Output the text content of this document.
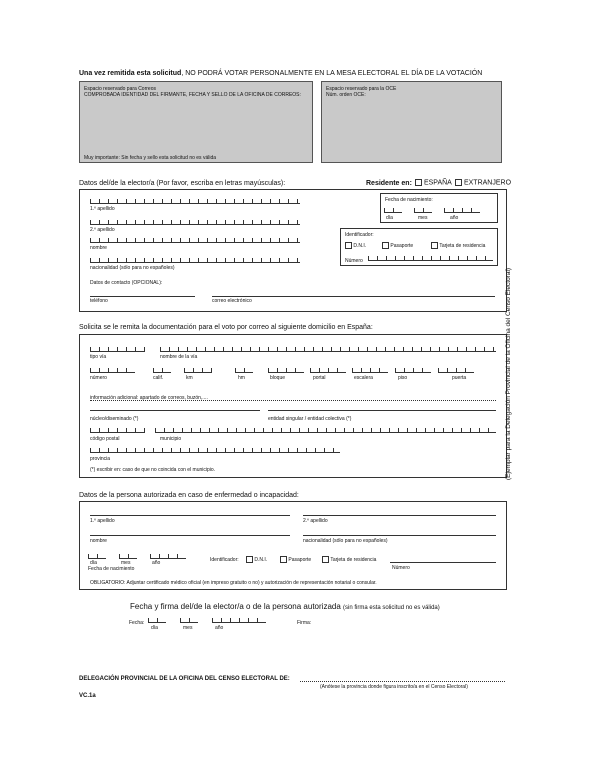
Una vez remitida esta solicitud, NO PODRÁ VOTAR PERSONALMENTE EN LA MESA ELECTORAL EL DÍA DE LA VOTACIÓN
Espacio reservado para Correos
COMPROBADA IDENTIDAD DEL FIRMANTE, FECHA Y SELLO DE LA OFICINA DE CORREOS:
Muy importante: Sin fecha y sello esta solicitud no es válida
Espacio reservado para la OCE
Núm. orden OCE:
Datos del/de la elector/a (Por favor, escriba en letras mayúsculas):	Residente en:	ESPAÑA	EXTRANJERO
1.º apellido
2.º apellido
nombre
nacionalidad (sólo para no españoles)
Datos de contacto (OPCIONAL):
teléfono	correo electrónico
Fecha de nacimiento:
día	mes	año
Identificador:
D.N.I.	Pasaporte	Tarjeta de residencia
Número
Solicita se le remita la documentación para el voto por correo al siguiente domicilio en España:
tipo vía	nombre de la vía
número	calif.	km	hm	bloque	portal	escalera	piso	puerta
información adicional: apartado de correos, buzón,....
núcleo/diseminado (*)	entidad singular / entidad colectiva (*)
código postal	municipio
provincia
(*) escribir en: caso de que no coincida con el municipio.
Datos de la persona autorizada en caso de enfermedad o incapacidad:
1.º apellido	2.º apellido
nombre	nacionalidad (sólo para no españoles)
día	mes	año
Fecha de nacimiento
Identificador:	D.N.I.	Pasaporte	Tarjeta de residencia
Número
OBLIGATORIO: Adjuntar certificado médico oficial (en impreso gratuito o no) y autorización de representación notarial o consular.
Fecha y firma del/de la elector/a o de la persona autorizada (sin firma esta solicitud no es válida)
Fecha:
día	mes	año
Firma:
DELEGACIÓN PROVINCIAL DE LA OFICINA DEL CENSO ELECTORAL DE:
(Anótese la provincia donde figura inscrito/a en el Censo Electoral)
VC.1a
(Ejemplar para la Delegación Provincial de la Oficina del Censo Electoral)
